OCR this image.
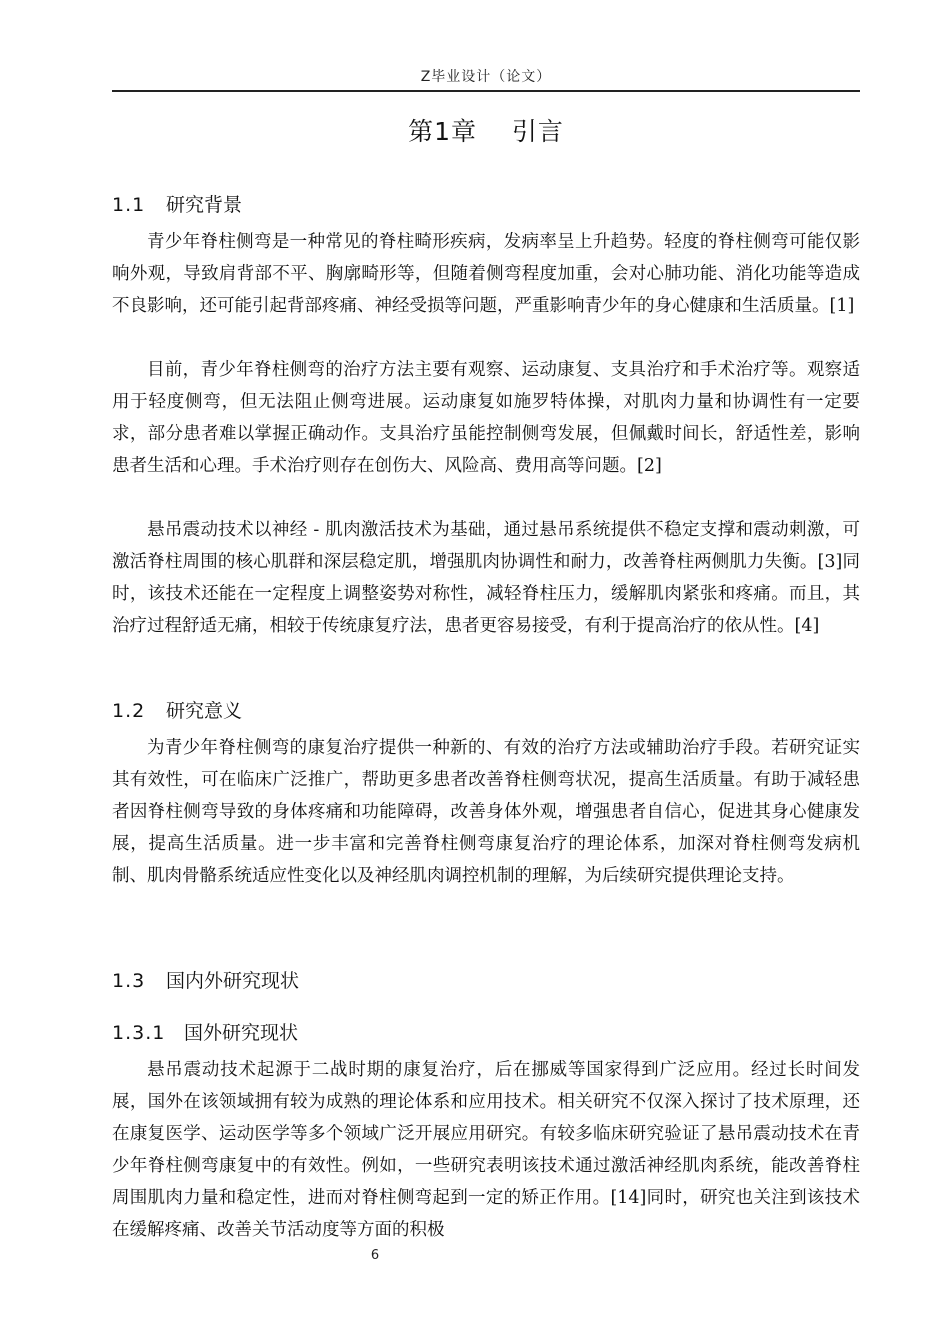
Z毕业设计（论文）
第1章　 引言
1.1 研究背景
青少年脊柱侧弯是一种常见的脊柱畸形疾病，发病率呈上升趋势。轻度的脊柱侧弯可能仅影响外观，导致肩背部不平、胸廓畸形等，但随着侧弯程度加重，会对心肺功能、消化功能等造成不良影响，还可能引起背部疼痛、神经受损等问题，严重影响青少年的身心健康和生活质量。[1]
目前，青少年脊柱侧弯的治疗方法主要有观察、运动康复、支具治疗和手术治疗等。观察适用于轻度侧弯，但无法阻止侧弯进展。运动康复如施罗特体操，对肌肉力量和协调性有一定要求，部分患者难以掌握正确动作。支具治疗虽能控制侧弯发展，但佩戴时间长，舒适性差，影响患者生活和心理。手术治疗则存在创伤大、风险高、费用高等问题。[2]
悬吊震动技术以神经 - 肌肉激活技术为基础，通过悬吊系统提供不稳定支撑和震动刺激，可激活脊柱周围的核心肌群和深层稳定肌，增强肌肉协调性和耐力，改善脊柱两侧肌力失衡。[3]同时，该技术还能在一定程度上调整姿势对称性，减轻脊柱压力，缓解肌肉紧张和疼痛。而且，其治疗过程舒适无痛，相较于传统康复疗法，患者更容易接受，有利于提高治疗的依从性。[4]
1.2 研究意义
为青少年脊柱侧弯的康复治疗提供一种新的、有效的治疗方法或辅助治疗手段。若研究证实其有效性，可在临床广泛推广，帮助更多患者改善脊柱侧弯状况，提高生活质量。有助于减轻患者因脊柱侧弯导致的身体疼痛和功能障碍，改善身体外观，增强患者自信心，促进其身心健康发展，提高生活质量。进一步丰富和完善脊柱侧弯康复治疗的理论体系，加深对脊柱侧弯发病机制、肌肉骨骼系统适应性变化以及神经肌肉调控机制的理解，为后续研究提供理论支持。
1.3 国内外研究现状
1.3.1 国外研究现状
悬吊震动技术起源于二战时期的康复治疗，后在挪威等国家得到广泛应用。经过长时间发展，国外在该领域拥有较为成熟的理论体系和应用技术。相关研究不仅深入探讨了技术原理，还在康复医学、运动医学等多个领域广泛开展应用研究。有较多临床研究验证了悬吊震动技术在青少年脊柱侧弯康复中的有效性。例如，一些研究表明该技术通过激活神经肌肉系统，能改善脊柱周围肌肉力量和稳定性，进而对脊柱侧弯起到一定的矫正作用。[14]同时，研究也关注到该技术在缓解疼痛、改善关节活动度等方面的积极
6
